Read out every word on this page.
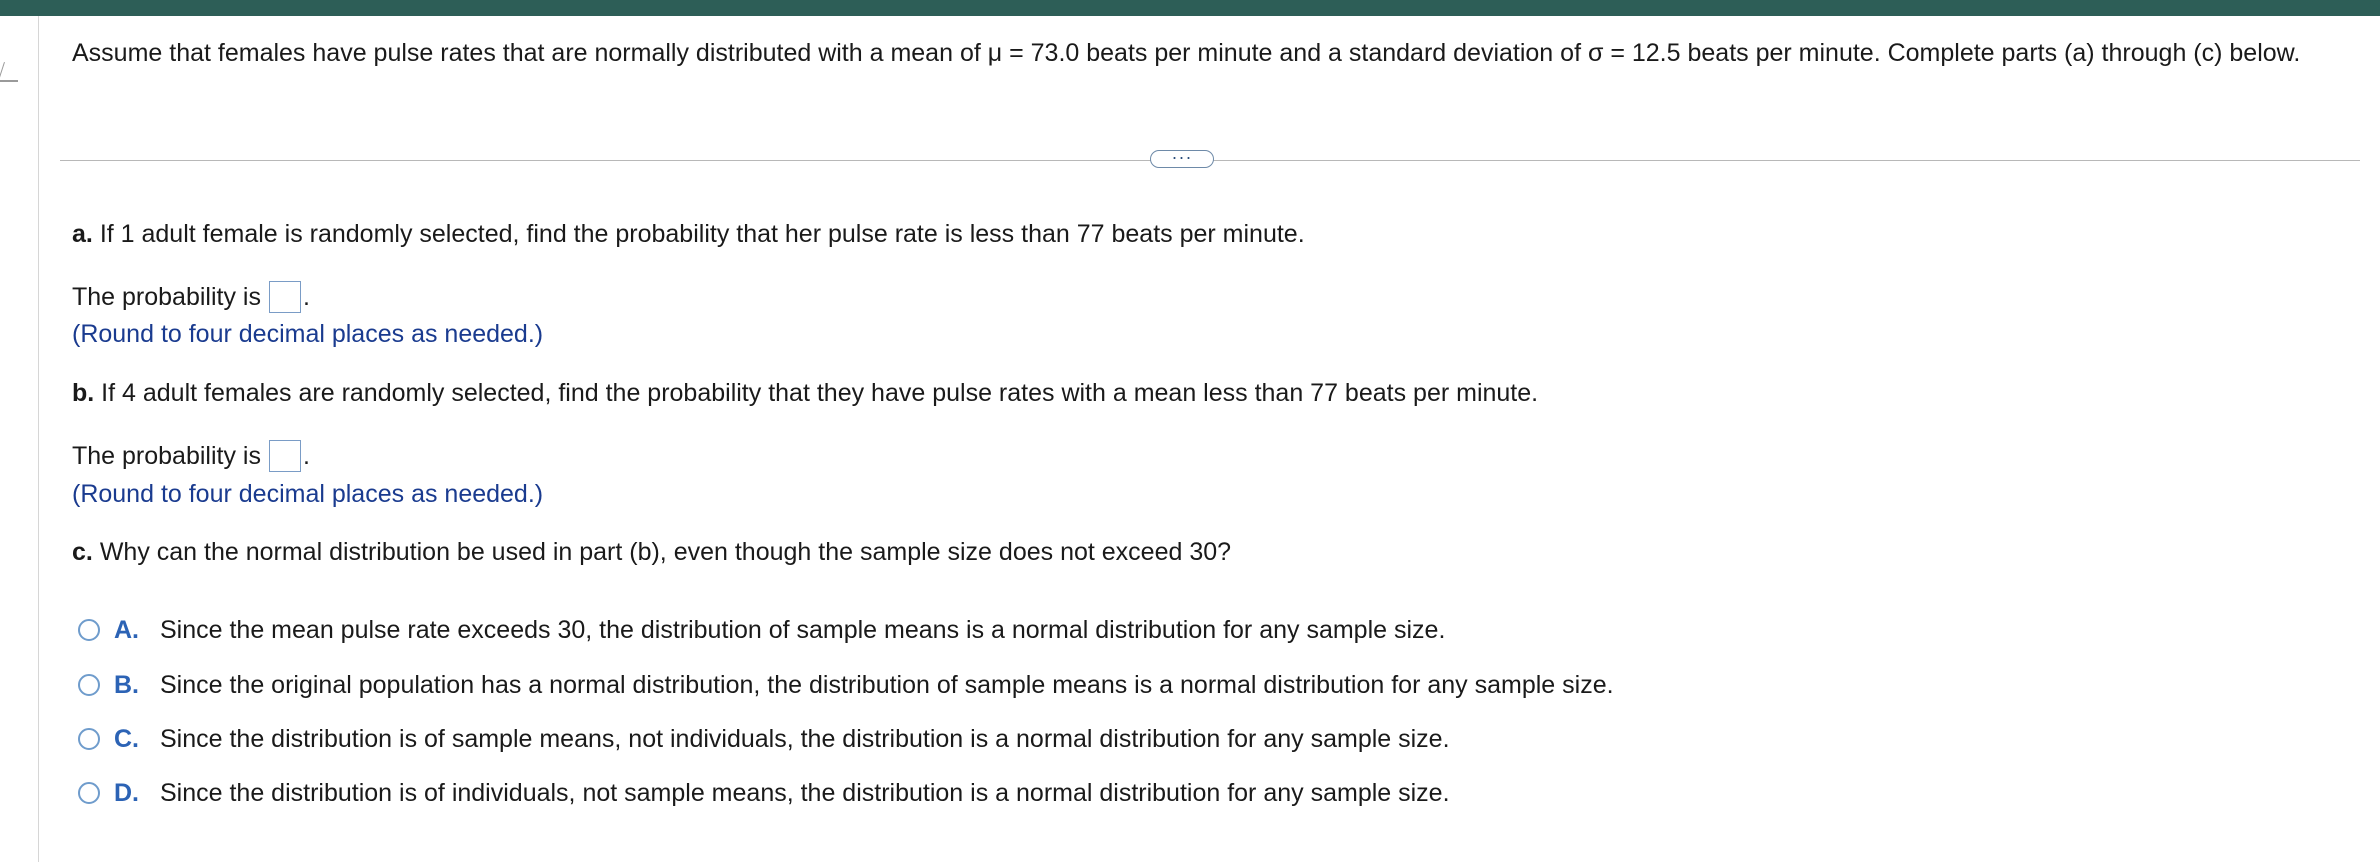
Assume that females have pulse rates that are normally distributed with a mean of μ = 73.0 beats per minute and a standard deviation of σ = 12.5 beats per minute. Complete parts (a) through (c) below.

···
a. If 1 adult female is randomly selected, find the probability that her pulse rate is less than 77 beats per minute.
The probability is .
(Round to four decimal places as needed.)
b. If 4 adult females are randomly selected, find the probability that they have pulse rates with a mean less than 77 beats per minute.
The probability is .
(Round to four decimal places as needed.)
c. Why can the normal distribution be used in part (b), even though the sample size does not exceed 30?
A. Since the mean pulse rate exceeds 30, the distribution of sample means is a normal distribution for any sample size.
B. Since the original population has a normal distribution, the distribution of sample means is a normal distribution for any sample size.
C. Since the distribution is of sample means, not individuals, the distribution is a normal distribution for any sample size.
D. Since the distribution is of individuals, not sample means, the distribution is a normal distribution for any sample size.
